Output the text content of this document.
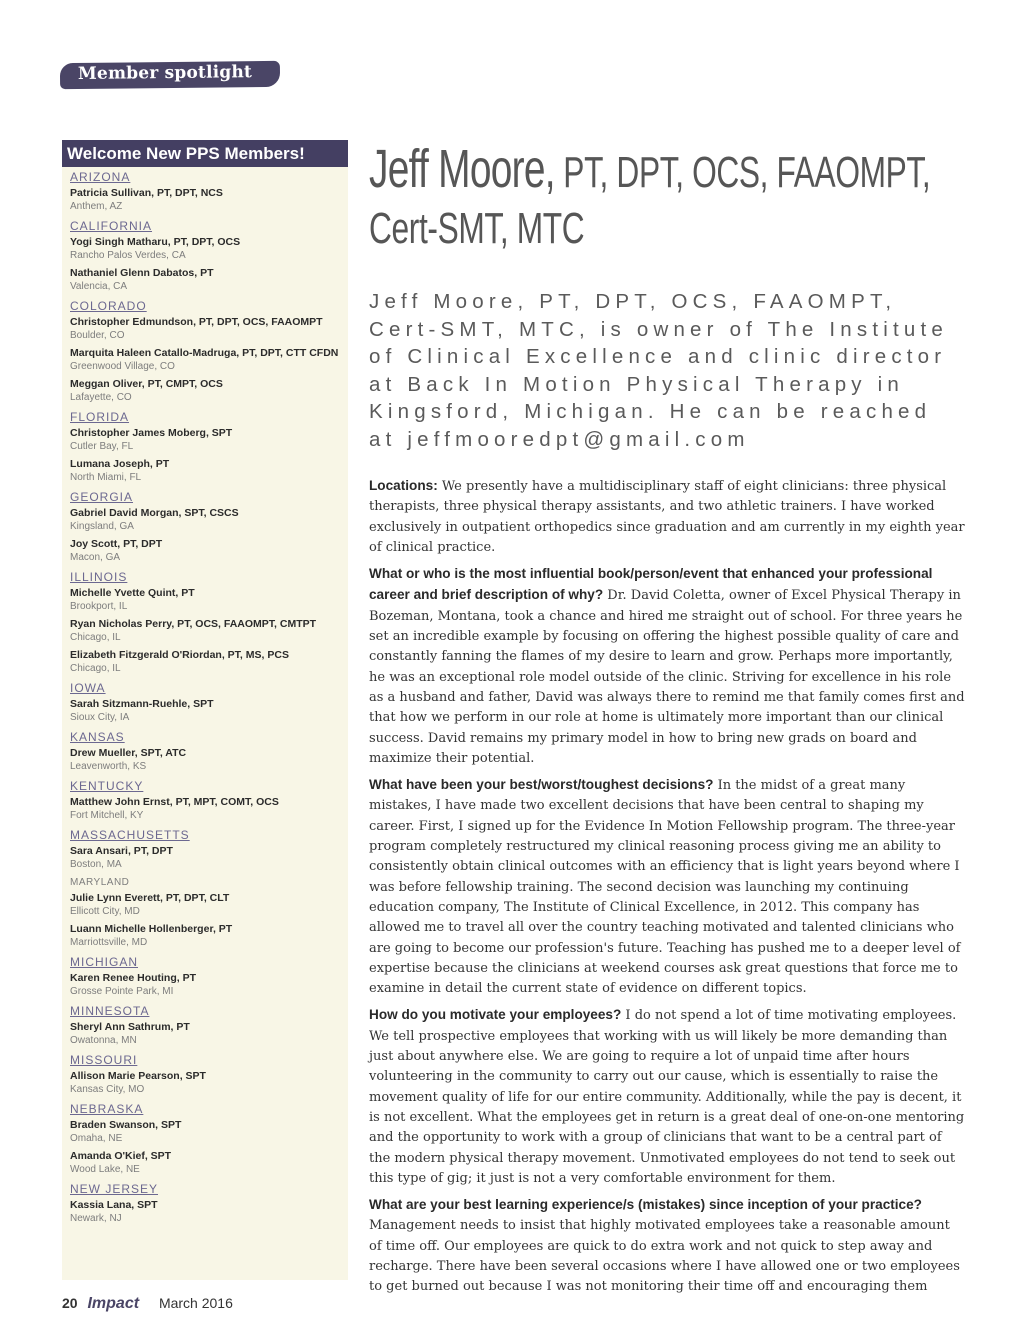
Member spotlight
Welcome New PPS Members!
ARIZONA
Patricia Sullivan, PT, DPT, NCS
Anthem, AZ
CALIFORNIA
Yogi Singh Matharu, PT, DPT, OCS
Rancho Palos Verdes, CA
Nathaniel Glenn Dabatos, PT
Valencia, CA
COLORADO
Christopher Edmundson, PT, DPT, OCS, FAAOMPT
Boulder, CO
Marquita Haleen Catallo-Madruga, PT, DPT, CTT CFDN
Greenwood Village, CO
Meggan Oliver, PT, CMPT, OCS
Lafayette, CO
FLORIDA
Christopher James Moberg, SPT
Cutler Bay, FL
Lumana Joseph, PT
North Miami, FL
GEORGIA
Gabriel David Morgan, SPT, CSCS
Kingsland, GA
Joy Scott, PT, DPT
Macon, GA
ILLINOIS
Michelle Yvette Quint, PT
Brookport, IL
Ryan Nicholas Perry, PT, OCS, FAAOMPT, CMTPT
Chicago, IL
Elizabeth Fitzgerald O'Riordan, PT, MS, PCS
Chicago, IL
IOWA
Sarah Sitzmann-Ruehle, SPT
Sioux City, IA
KANSAS
Drew Mueller, SPT, ATC
Leavenworth, KS
KENTUCKY
Matthew John Ernst, PT, MPT, COMT, OCS
Fort Mitchell, KY
MASSACHUSETTS
Sara Ansari, PT, DPT
Boston, MA
MARYLAND
Julie Lynn Everett, PT, DPT, CLT
Ellicott City, MD
Luann Michelle Hollenberger, PT
Marriottsville, MD
MICHIGAN
Karen Renee Houting, PT
Grosse Pointe Park, MI
MINNESOTA
Sheryl Ann Sathrum, PT
Owatonna, MN
MISSOURI
Allison Marie Pearson, SPT
Kansas City, MO
NEBRASKA
Braden Swanson, SPT
Omaha, NE
Amanda O'Kief, SPT
Wood Lake, NE
NEW JERSEY
Kassia Lana, SPT
Newark, NJ
Jeff Moore, PT, DPT, OCS, FAAOMPT,
Cert-SMT, MTC
Jeff Moore, PT, DPT, OCS, FAAOMPT, Cert-SMT, MTC, is owner of The Institute of Clinical Excellence and clinic director at Back In Motion Physical Therapy in Kingsford, Michigan. He can be reached at jeffmooredpt@gmail.com

Locations: We presently have a multidisciplinary staff of eight clinicians: three physical therapists, three physical therapy assistants, and two athletic trainers. I have worked exclusively in outpatient orthopedics since graduation and am currently in my eighth year of clinical practice.

What or who is the most influential book/person/event that enhanced your professional career and brief description of why? Dr. David Coletta, owner of Excel Physical Therapy in Bozeman, Montana, took a chance and hired me straight out of school. For three years he set an incredible example by focusing on offering the highest possible quality of care and constantly fanning the flames of my desire to learn and grow. Perhaps more importantly, he was an exceptional role model outside of the clinic. Striving for excellence in his role as a husband and father, David was always there to remind me that family comes first and that how we perform in our role at home is ultimately more important than our clinical success. David remains my primary model in how to bring new grads on board and maximize their potential.

What have been your best/worst/toughest decisions? In the midst of a great many mistakes, I have made two excellent decisions that have been central to shaping my career. First, I signed up for the Evidence In Motion Fellowship program. The three-year program completely restructured my clinical reasoning process giving me an ability to consistently obtain clinical outcomes with an efficiency that is light years beyond where I was before fellowship training. The second decision was launching my continuing education company, The Institute of Clinical Excellence, in 2012. This company has allowed me to travel all over the country teaching motivated and talented clinicians who are going to become our profession's future. Teaching has pushed me to a deeper level of expertise because the clinicians at weekend courses ask great questions that force me to examine in detail the current state of evidence on different topics.

How do you motivate your employees? I do not spend a lot of time motivating employees. We tell prospective employees that working with us will likely be more demanding than just about anywhere else. We are going to require a lot of unpaid time after hours volunteering in the community to carry out our cause, which is essentially to raise the movement quality of life for our entire community. Additionally, while the pay is decent, it is not excellent. What the employees get in return is a great deal of one-on-one mentoring and the opportunity to work with a group of clinicians that want to be a central part of the modern physical therapy movement. Unmotivated employees do not tend to seek out this type of gig; it just is not a very comfortable environment for them.

What are your best learning experience/s (mistakes) since inception of your practice? Management needs to insist that highly motivated employees take a reasonable amount of time off. Our employees are quick to do extra work and not quick to step away and recharge. There have been several occasions where I have allowed one or two employees to get burned out because I was not monitoring their time off and encouraging them

20 Impact March 2016
